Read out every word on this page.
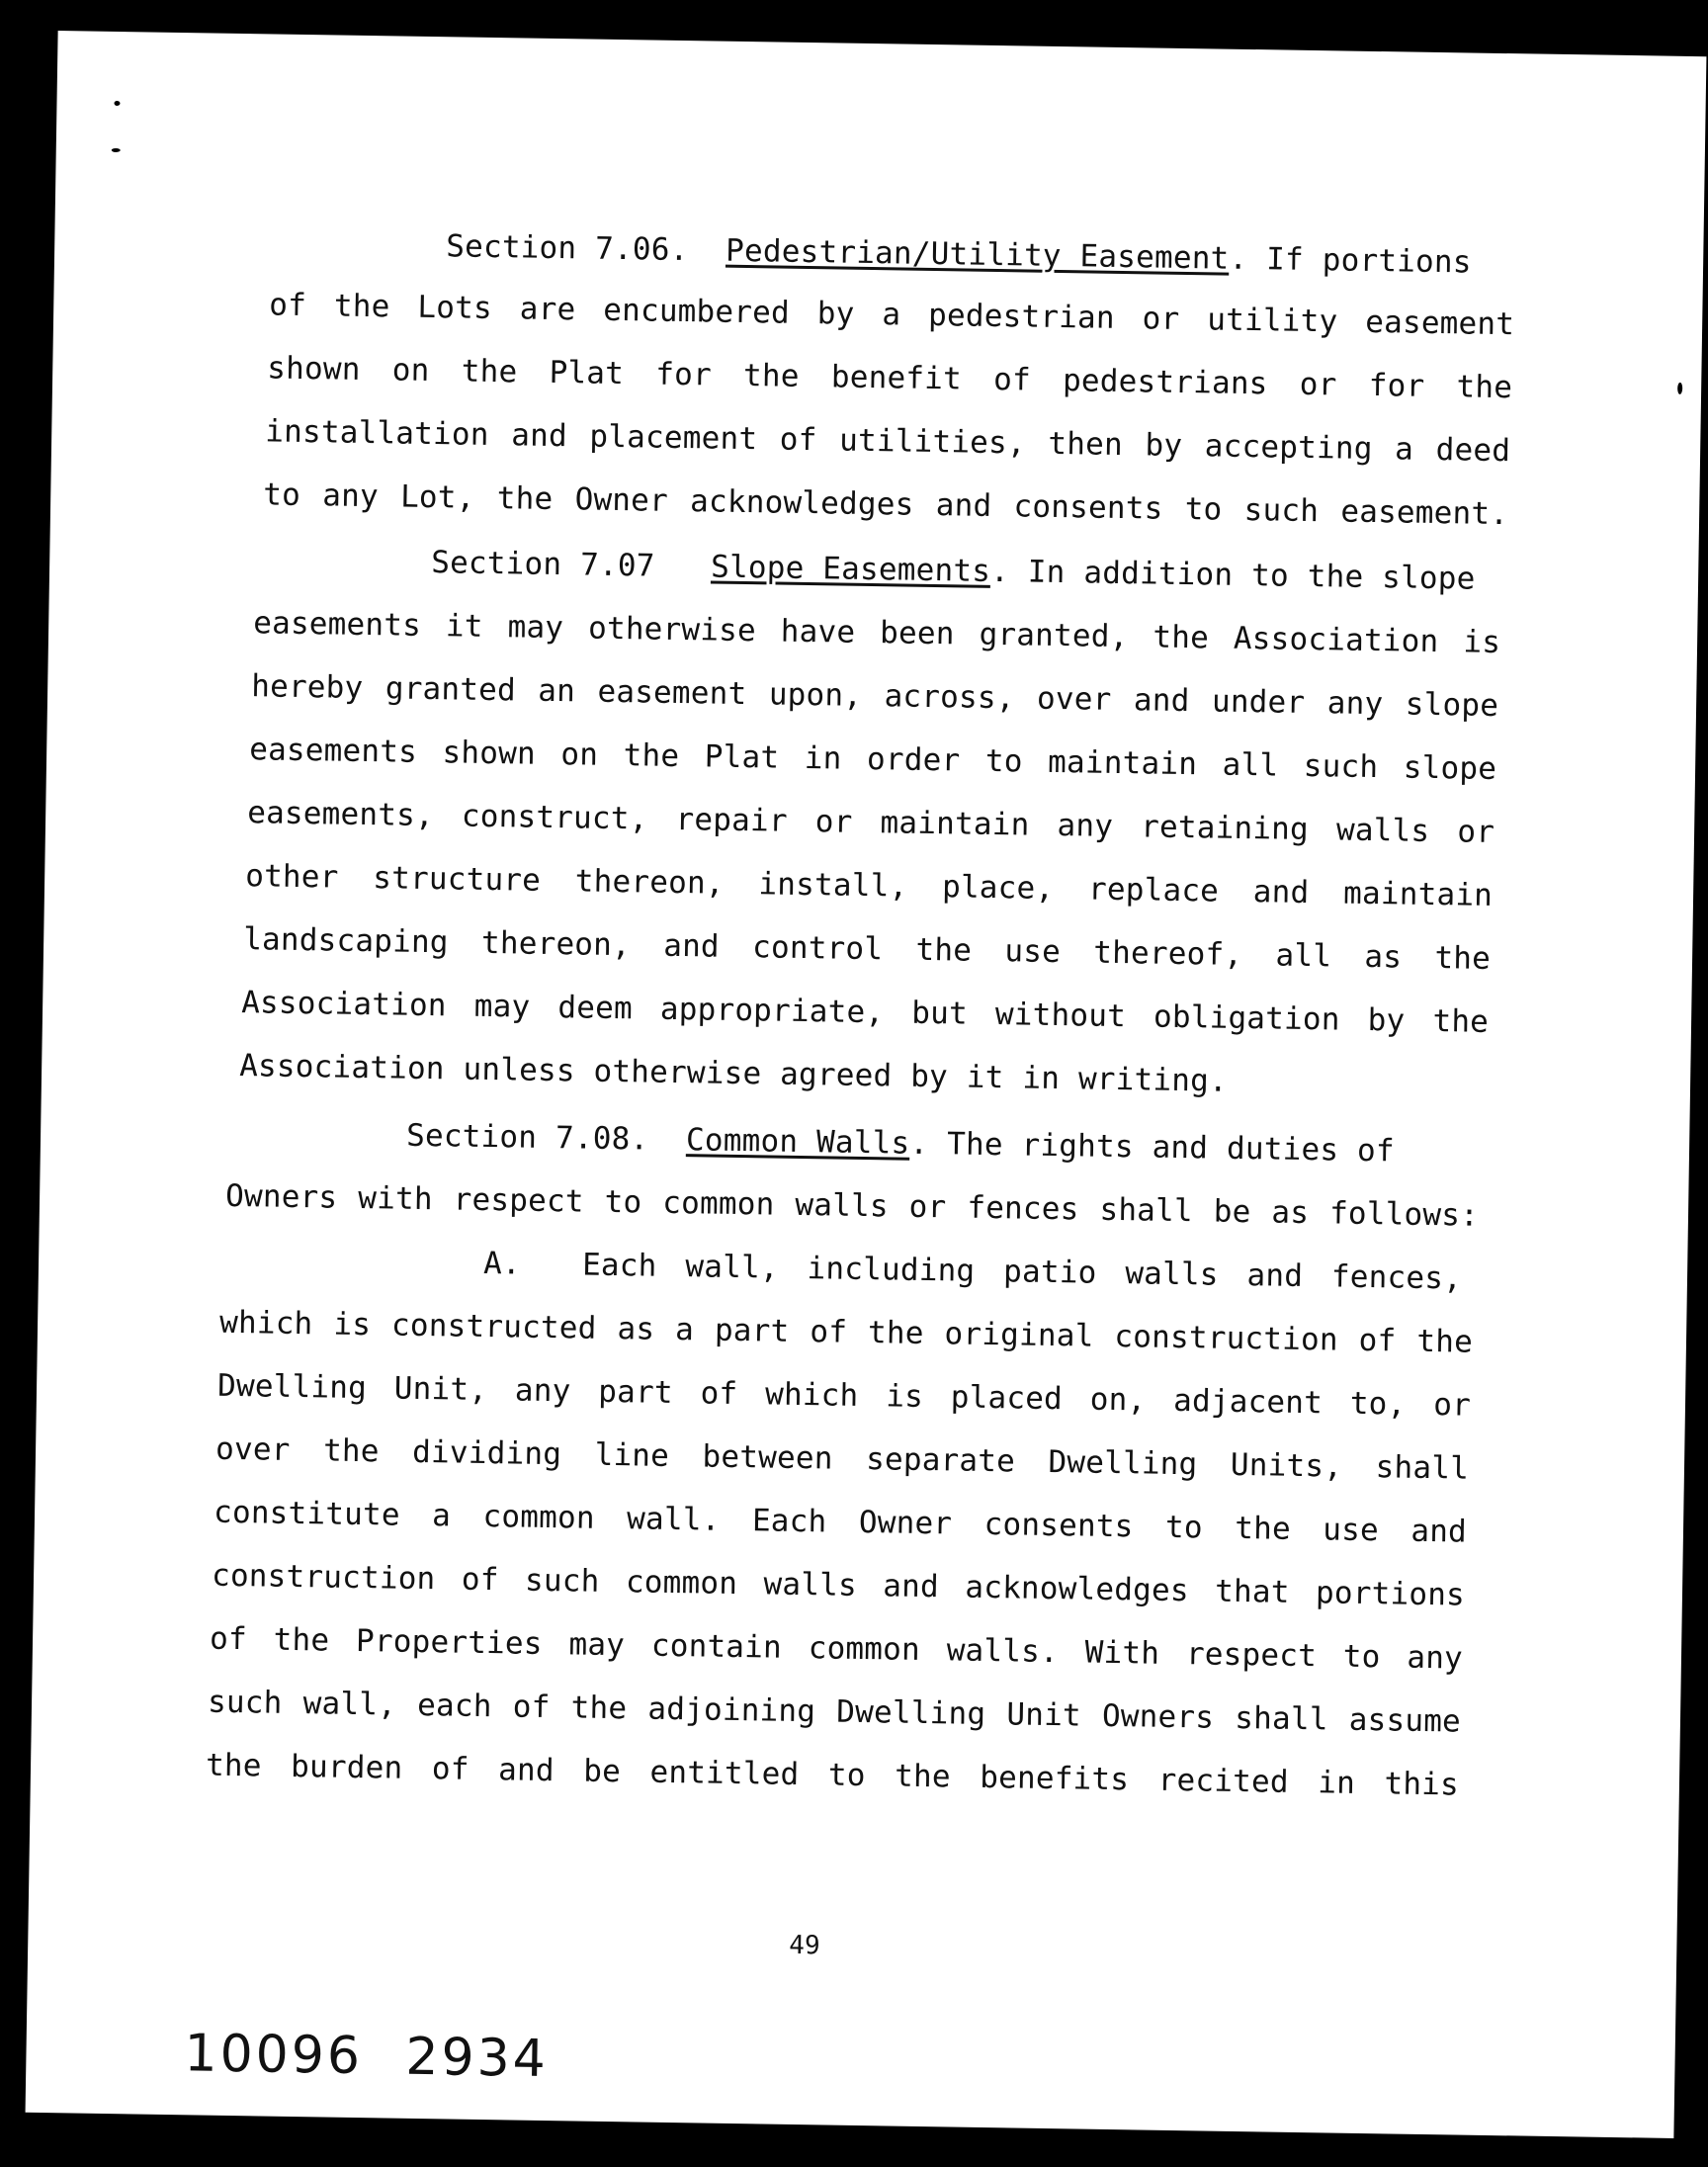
Section 7.06. Pedestrian/Utility Easement. If portions
of the Lots are encumbered by a pedestrian or utility easement
shown on the Plat for the benefit of pedestrians or for the
installation and placement of utilities, then by accepting a deed
to any Lot, the Owner acknowledges and consents to such easement.
Section 7.07 Slope Easements. In addition to the slope
easements it may otherwise have been granted, the Association is
hereby granted an easement upon, across, over and under any slope
easements shown on the Plat in order to maintain all such slope
easements, construct, repair or maintain any retaining walls or
other structure thereon, install, place, replace and maintain
landscaping thereon, and control the use thereof, all as the
Association may deem appropriate, but without obligation by the
Association unless otherwise agreed by it in writing.
Section 7.08. Common Walls. The rights and duties of
Owners with respect to common walls or fences shall be as follows:
A. Each wall, including patio walls and fences,
which is constructed as a part of the original construction of the
Dwelling Unit, any part of which is placed on, adjacent to, or
over the dividing line between separate Dwelling Units, shall
constitute a common wall. Each Owner consents to the use and
construction of such common walls and acknowledges that portions
of the Properties may contain common walls. With respect to any
such wall, each of the adjoining Dwelling Unit Owners shall assume
the burden of and be entitled to the benefits recited in this
49
10096 2934
